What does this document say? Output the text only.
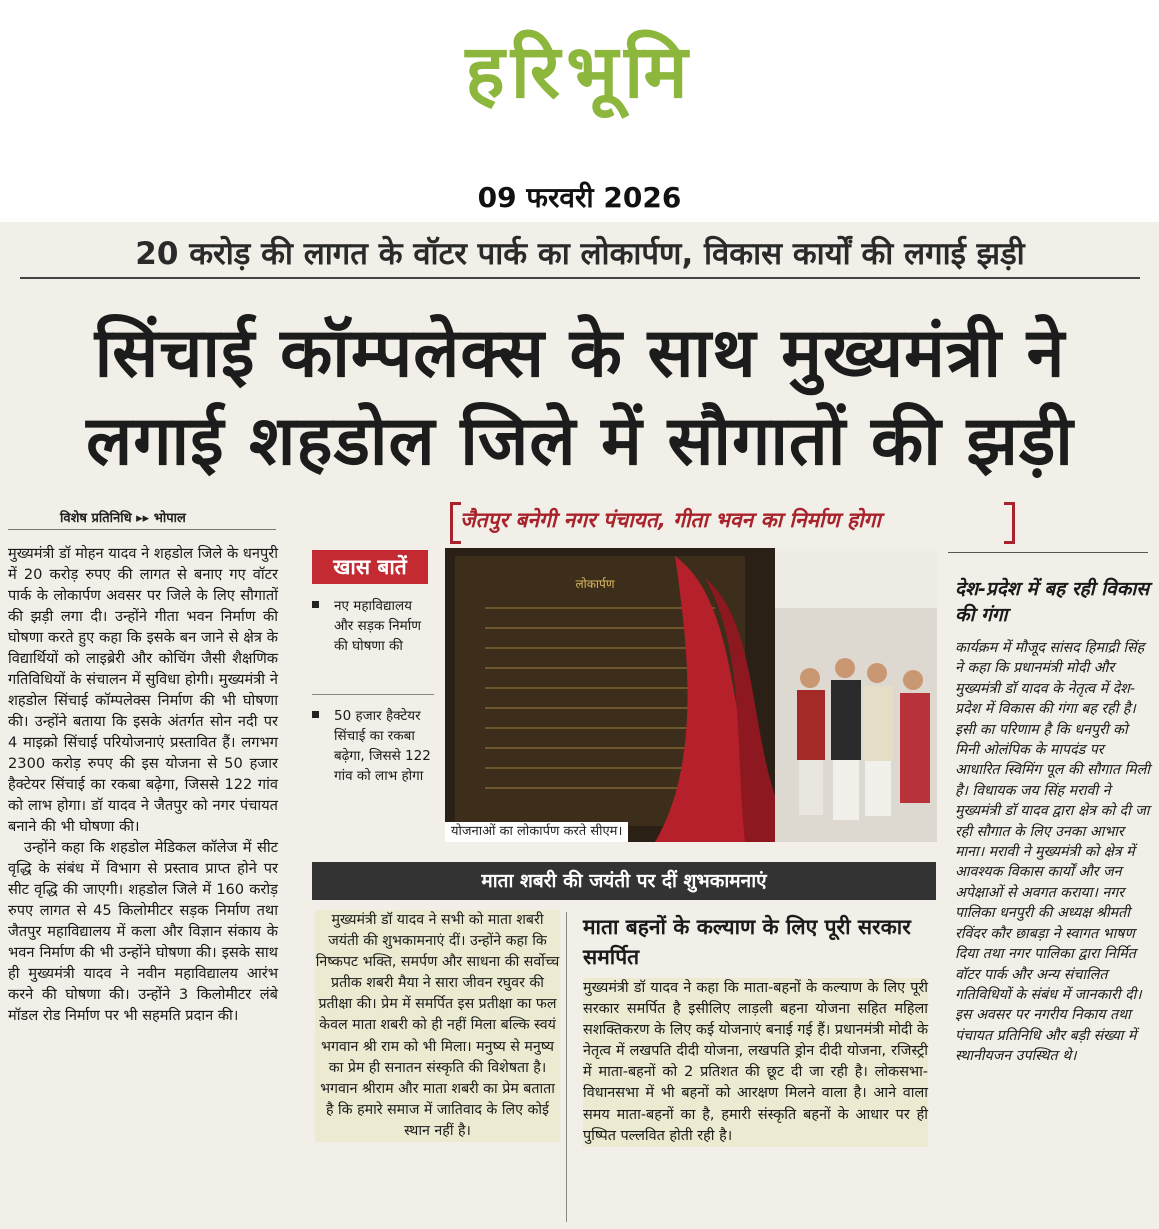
हरिभूमि
09 फरवरी 2026
20 करोड़ की लागत के वॉटर पार्क का लोकार्पण, विकास कार्यों की लगाई झड़ी
सिंचाई कॉम्पलेक्स के साथ मुख्यमंत्री ने
लगाई शहडोल जिले में सौगातों की झड़ी
विशेष प्रतिनिधि ▸▸ भोपाल

मुख्यमंत्री डॉ मोहन यादव ने शहडोल जिले के धनपुरी में 20 करोड़ रुपए की लागत से बनाए गए वॉटर पार्क के लोकार्पण अवसर पर जिले के लिए सौगातों की झड़ी लगा दी। उन्होंने गीता भवन निर्माण की घोषणा करते हुए कहा कि इसके बन जाने से क्षेत्र के विद्यार्थियों को लाइब्रेरी और कोचिंग जैसी शैक्षणिक गतिविधियों के संचालन में सुविधा होगी। मुख्यमंत्री ने शहडोल सिंचाई कॉम्पलेक्स निर्माण की भी घोषणा की। उन्होंने बताया कि इसके अंतर्गत सोन नदी पर 4 माइक्रो सिंचाई परियोजनाएं प्रस्तावित हैं। लगभग 2300 करोड़ रुपए की इस योजना से 50 हजार हैक्टेयर सिंचाई का रकबा बढ़ेगा, जिससे 122 गांव को लाभ होगा। डॉ यादव ने जैतपुर को नगर पंचायत बनाने की भी घोषणा की।

उन्होंने कहा कि शहडोल मेडिकल कॉलेज में सीट वृद्धि के संबंध में विभाग से प्रस्ताव प्राप्त होने पर सीट वृद्धि की जाएगी। शहडोल जिले में 160 करोड़ रुपए लागत से 45 किलोमीटर सड़क निर्माण तथा जैतपुर महाविद्यालय में कला और विज्ञान संकाय के भवन निर्माण की भी उन्होंने घोषणा की। इसके साथ ही मुख्यमंत्री यादव ने नवीन महाविद्यालय आरंभ करने की घोषणा की। उन्होंने 3 किलोमीटर लंबे मॉडल रोड निर्माण पर भी सहमति प्रदान की।

जैतपुर बनेगी नगर पंचायत, गीता भवन का निर्माण होगा
खास बातें
नए महाविद्यालय और सड़क निर्माण की घोषणा की
50 हजार हैक्टेयर सिंचाई का रकबा बढ़ेगा, जिससे 122 गांव को लाभ होगा
लोकार्पण
योजनाओं का लोकार्पण करते सीएम।
देश-प्रदेश में बह रही विकास की गंगा
कार्यक्रम में मौजूद सांसद हिमाद्री सिंह ने कहा कि प्रधानमंत्री मोदी और मुख्यमंत्री डॉ यादव के नेतृत्व में देश-प्रदेश में विकास की गंगा बह रही है। इसी का परिणाम है कि धनपुरी को मिनी ओलंपिक के मापदंड पर आधारित स्विमिंग पूल की सौगात मिली है। विधायक जय सिंह मरावी ने मुख्यमंत्री डॉ यादव द्वारा क्षेत्र को दी जा रही सौगात के लिए उनका आभार माना। मरावी ने मुख्यमंत्री को क्षेत्र में आवश्यक विकास कार्यों और जन अपेक्षाओं से अवगत कराया। नगर पालिका धनपुरी की अध्यक्ष श्रीमती रविंदर कौर छाबड़ा ने स्वागत भाषण दिया तथा नगर पालिका द्वारा निर्मित वॉटर पार्क और अन्य संचालित गतिविधियों के संबंध में जानकारी दी। इस अवसर पर नगरीय निकाय तथा पंचायत प्रतिनिधि और बड़ी संख्या में स्थानीयजन उपस्थित थे।
माता शबरी की जयंती पर दीं शुभकामनाएं
मुख्यमंत्री डॉ यादव ने सभी को माता शबरी जयंती की शुभकामनाएं दीं। उन्होंने कहा कि निष्कपट भक्ति, समर्पण और साधना की सर्वोच्च प्रतीक शबरी मैया ने सारा जीवन रघुवर की प्रतीक्षा की। प्रेम में समर्पित इस प्रतीक्षा का फल केवल माता शबरी को ही नहीं मिला बल्कि स्वयं भगवान श्री राम को भी मिला। मनुष्य से मनुष्य का प्रेम ही सनातन संस्कृति की विशेषता है। भगवान श्रीराम और माता शबरी का प्रेम बताता है कि हमारे समाज में जातिवाद के लिए कोई स्थान नहीं है।
माता बहनों के कल्याण के लिए पूरी सरकार समर्पित
मुख्यमंत्री डॉ यादव ने कहा कि माता-बहनों के कल्याण के लिए पूरी सरकार समर्पित है इसीलिए लाड़ली बहना योजना सहित महिला सशक्तिकरण के लिए कई योजनाएं बनाई गई हैं। प्रधानमंत्री मोदी के नेतृत्व में लखपति दीदी योजना, लखपति ड्रोन दीदी योजना, रजिस्ट्री में माता-बहनों को 2 प्रतिशत की छूट दी जा रही है। लोकसभा-विधानसभा में भी बहनों को आरक्षण मिलने वाला है। आने वाला समय माता-बहनों का है, हमारी संस्कृति बहनों के आधार पर ही पुष्पित पल्लवित होती रही है।
